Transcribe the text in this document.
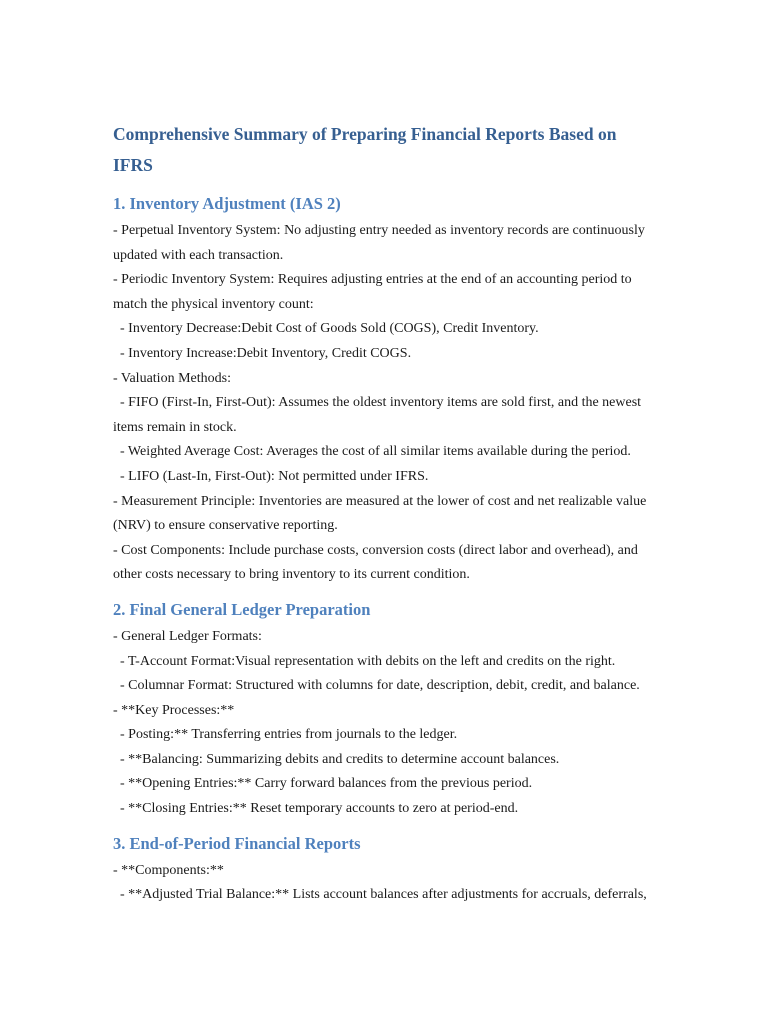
Comprehensive Summary of Preparing Financial Reports Based on IFRS
1. Inventory Adjustment (IAS 2)

- Perpetual Inventory System: No adjusting entry needed as inventory records are continuously updated with each transaction.

- Periodic Inventory System: Requires adjusting entries at the end of an accounting period to match the physical inventory count:

- Inventory Decrease:Debit Cost of Goods Sold (COGS), Credit Inventory.

- Inventory Increase:Debit Inventory, Credit COGS.

- Valuation Methods:

- FIFO (First-In, First-Out): Assumes the oldest inventory items are sold first, and the newest items remain in stock.

- Weighted Average Cost: Averages the cost of all similar items available during the period.

- LIFO (Last-In, First-Out): Not permitted under IFRS.

- Measurement Principle: Inventories are measured at the lower of cost and net realizable value (NRV) to ensure conservative reporting.

- Cost Components: Include purchase costs, conversion costs (direct labor and overhead), and other costs necessary to bring inventory to its current condition.

2. Final General Ledger Preparation

- General Ledger Formats:

- T-Account Format:Visual representation with debits on the left and credits on the right.

- Columnar Format: Structured with columns for date, description, debit, credit, and balance.

- **Key Processes:**

- Posting:** Transferring entries from journals to the ledger.

- **Balancing: Summarizing debits and credits to determine account balances.

- **Opening Entries:** Carry forward balances from the previous period.

- **Closing Entries:** Reset temporary accounts to zero at period-end.

3. End-of-Period Financial Reports

- **Components:**

- **Adjusted Trial Balance:** Lists account balances after adjustments for accruals, deferrals,
